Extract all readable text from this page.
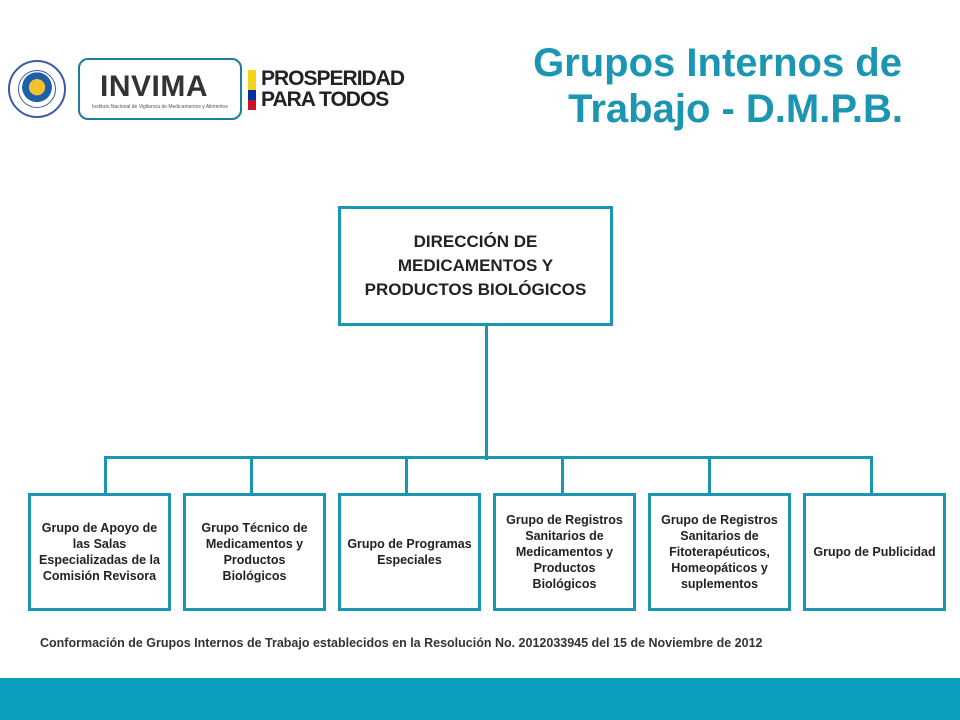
INVIMA
Instituto Nacional de Vigilancia de Medicamentos y Alimentos
PROSPERIDAD
PARA TODOS
Grupos Internos de
Trabajo - D.M.P.B.
DIRECCIÓN DE MEDICAMENTOS Y PRODUCTOS BIOLÓGICOS
Grupo de Apoyo de las Salas Especializadas de la Comisión Revisora
Grupo Técnico de Medicamentos y Productos Biológicos
Grupo de Programas Especiales
Grupo de Registros Sanitarios de Medicamentos y Productos Biológicos
Grupo de Registros Sanitarios de Fitoterapéuticos, Homeopáticos y suplementos
Grupo de Publicidad
Conformación de Grupos Internos de Trabajo establecidos en la Resolución No. 2012033945 del 15 de Noviembre de 2012
